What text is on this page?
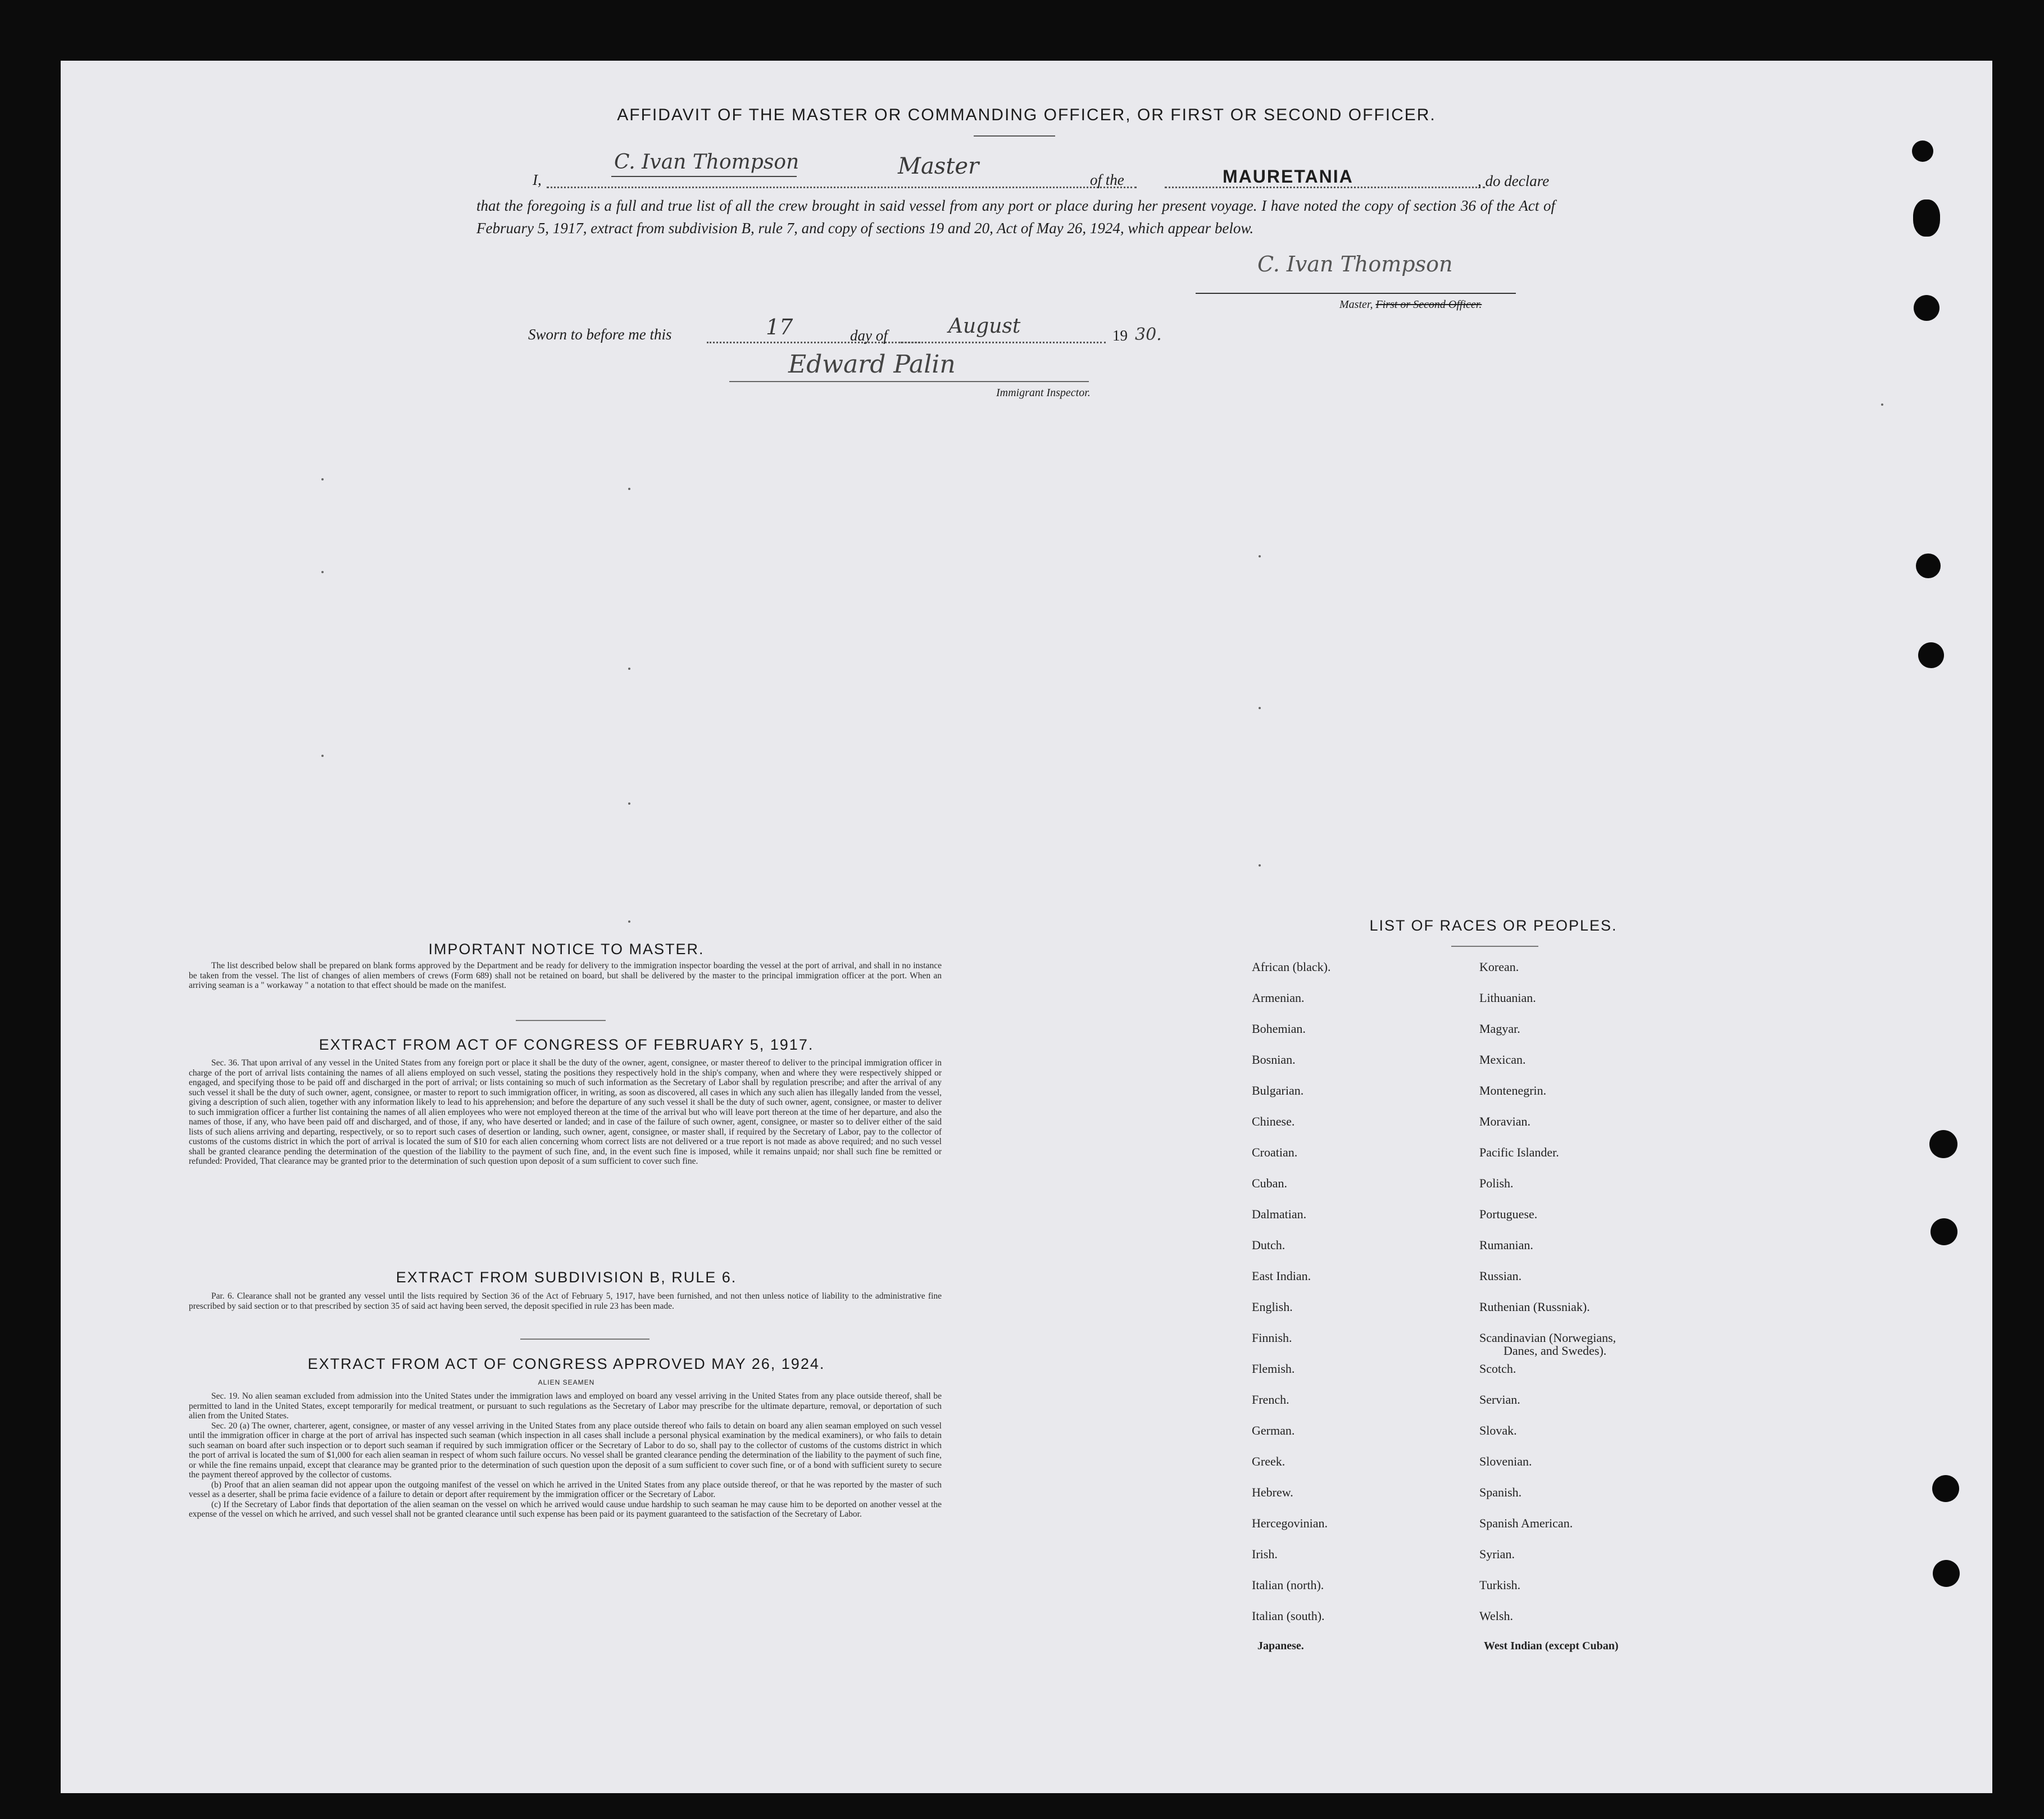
AFFIDAVIT OF THE MASTER OR COMMANDING OFFICER, OR FIRST OR SECOND OFFICER.
I,
C. Ivan Thompson	Master
of the	MAURETANIA	, do declare
that the foregoing is a full and true list of all the crew brought in said vessel from any port or place during her present voyage. I have noted the copy of section 36 of the Act of February 5, 1917, extract from subdivision B, rule 7, and copy of sections 19 and 20, Act of May 26, 1924, which appear below.
C. Ivan Thompson
Master, First or Second Officer.
Sworn to before me this	17	day of	August	19 30.
Edward Palin
Immigrant Inspector.
IMPORTANT NOTICE TO MASTER.

The list described below shall be prepared on blank forms approved by the Department and be ready for delivery to the immigration inspector boarding the vessel at the port of arrival, and shall in no instance be taken from the vessel. The list of changes of alien members of crews (Form 689) shall not be retained on board, but shall be delivered by the master to the principal immigration officer at the port. When an arriving seaman is a " workaway " a notation to that effect should be made on the manifest.

EXTRACT FROM ACT OF CONGRESS OF FEBRUARY 5, 1917.

Sec. 36. That upon arrival of any vessel in the United States from any foreign port or place it shall be the duty of the owner, agent, consignee, or master thereof to deliver to the principal immigration officer in charge of the port of arrival lists containing the names of all aliens employed on such vessel, stating the positions they respectively hold in the ship's company, when and where they were respectively shipped or engaged, and specifying those to be paid off and discharged in the port of arrival; or lists containing so much of such information as the Secretary of Labor shall by regulation prescribe; and after the arrival of any such vessel it shall be the duty of such owner, agent, consignee, or master to report to such immigration officer, in writing, as soon as discovered, all cases in which any such alien has illegally landed from the vessel, giving a description of such alien, together with any information likely to lead to his apprehension; and before the departure of any such vessel it shall be the duty of such owner, agent, consignee, or master to deliver to such immigration officer a further list containing the names of all alien employees who were not employed thereon at the time of the arrival but who will leave port thereon at the time of her departure, and also the names of those, if any, who have been paid off and discharged, and of those, if any, who have deserted or landed; and in case of the failure of such owner, agent, consignee, or master so to deliver either of the said lists of such aliens arriving and departing, respectively, or so to report such cases of desertion or landing, such owner, agent, consignee, or master shall, if required by the Secretary of Labor, pay to the collector of customs of the customs district in which the port of arrival is located the sum of $10 for each alien concerning whom correct lists are not delivered or a true report is not made as above required; and no such vessel shall be granted clearance pending the determination of the question of the liability to the payment of such fine, and, in the event such fine is imposed, while it remains unpaid; nor shall such fine be remitted or refunded: Provided, That clearance may be granted prior to the determination of such question upon deposit of a sum sufficient to cover such fine.

EXTRACT FROM SUBDIVISION B, RULE 6.

Par. 6. Clearance shall not be granted any vessel until the lists required by Section 36 of the Act of February 5, 1917, have been furnished, and not then unless notice of liability to the administrative fine prescribed by said section or to that prescribed by section 35 of said act having been served, the deposit specified in rule 23 has been made.

EXTRACT FROM ACT OF CONGRESS APPROVED MAY 26, 1924.
ALIEN SEAMEN

Sec. 19. No alien seaman excluded from admission into the United States under the immigration laws and employed on board any vessel arriving in the United States from any place outside thereof, shall be permitted to land in the United States, except temporarily for medical treatment, or pursuant to such regulations as the Secretary of Labor may prescribe for the ultimate departure, removal, or deportation of such alien from the United States.

Sec. 20 (a) The owner, charterer, agent, consignee, or master of any vessel arriving in the United States from any place outside thereof who fails to detain on board any alien seaman employed on such vessel until the immigration officer in charge at the port of arrival has inspected such seaman (which inspection in all cases shall include a personal physical examination by the medical examiners), or who fails to detain such seaman on board after such inspection or to deport such seaman if required by such immigration officer or the Secretary of Labor to do so, shall pay to the collector of customs of the customs district in which the port of arrival is located the sum of $1,000 for each alien seaman in respect of whom such failure occurs. No vessel shall be granted clearance pending the determination of the liability to the payment of such fine, or while the fine remains unpaid, except that clearance may be granted prior to the determination of such question upon the deposit of a sum sufficient to cover such fine, or of a bond with sufficient surety to secure the payment thereof approved by the collector of customs.

(b) Proof that an alien seaman did not appear upon the outgoing manifest of the vessel on which he arrived in the United States from any place outside thereof, or that he was reported by the master of such vessel as a deserter, shall be prima facie evidence of a failure to detain or deport after requirement by the immigration officer or the Secretary of Labor.

(c) If the Secretary of Labor finds that deportation of the alien seaman on the vessel on which he arrived would cause undue hardship to such seaman he may cause him to be deported on another vessel at the expense of the vessel on which he arrived, and such vessel shall not be granted clearance until such expense has been paid or its payment guaranteed to the satisfaction of the Secretary of Labor.

LIST OF RACES OR PEOPLES.
African (black).
Armenian.
Bohemian.
Bosnian.
Bulgarian.
Chinese.
Croatian.
Cuban.
Dalmatian.
Dutch.
East Indian.
English.
Finnish.
Flemish.
French.
German.
Greek.
Hebrew.
Hercegovinian.
Irish.
Italian (north).
Italian (south).
Japanese.
Korean.
Lithuanian.
Magyar.
Mexican.
Montenegrin.
Moravian.
Pacific Islander.
Polish.
Portuguese.
Rumanian.
Russian.
Ruthenian (Russniak).
Scandinavian (Norwegians,
Danes, and Swedes).
Scotch.
Servian.
Slovak.
Slovenian.
Spanish.
Spanish American.
Syrian.
Turkish.
Welsh.
West Indian (except Cuban)
